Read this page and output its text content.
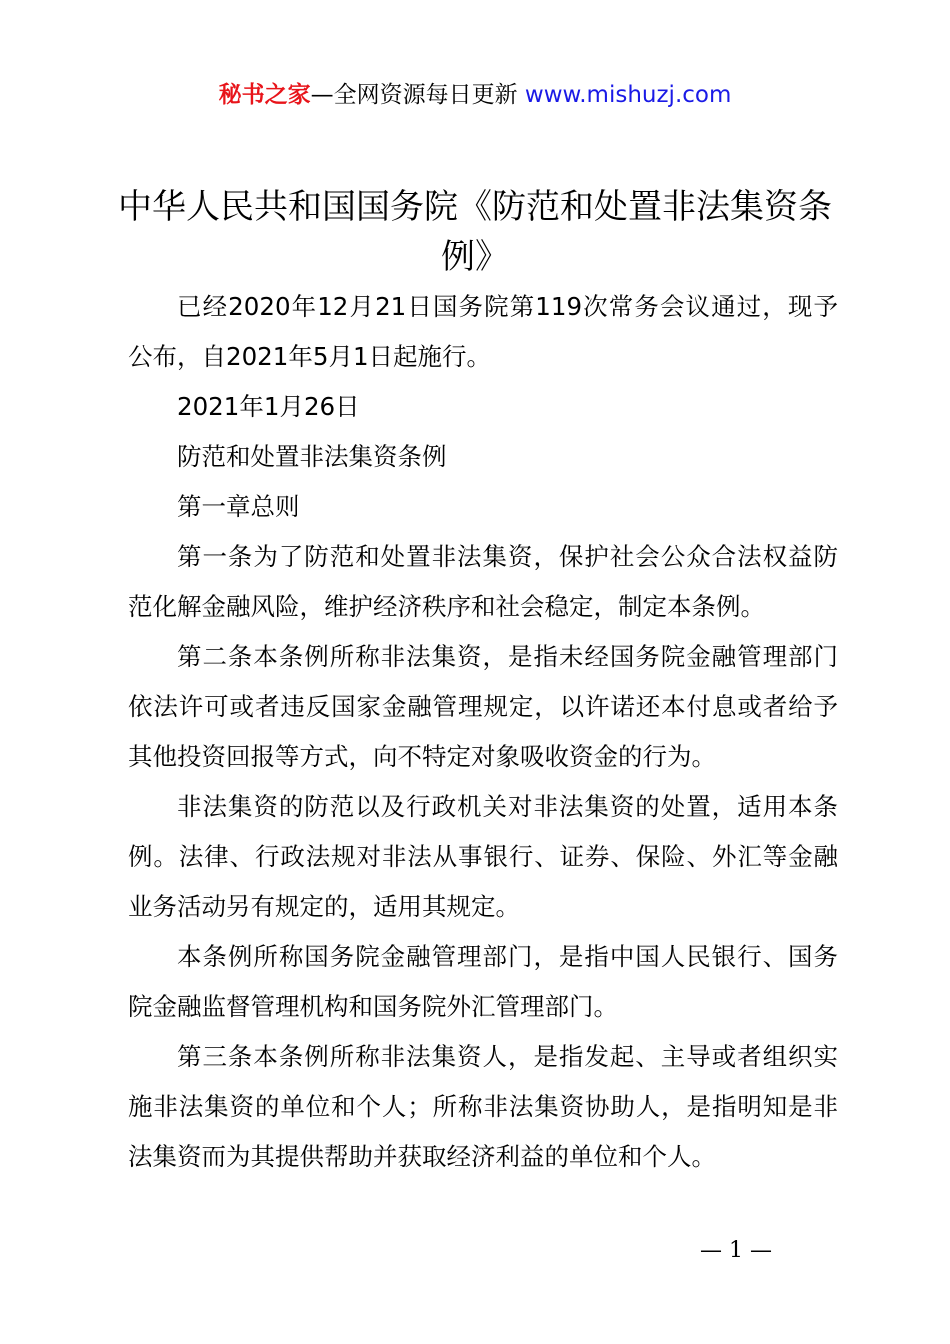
秘书之家—全网资源每日更新 www.mishuzj.com
中华人民共和国国务院《防范和处置非法集资条例》

已经2020年12月21日国务院第119次常务会议通过，现予公布，自2021年5月1日起施行。

2021年1月26日

防范和处置非法集资条例

第一章总则

第一条为了防范和处置非法集资，保护社会公众合法权益防范化解金融风险，维护经济秩序和社会稳定，制定本条例。

第二条本条例所称非法集资，是指未经国务院金融管理部门依法许可或者违反国家金融管理规定，以许诺还本付息或者给予其他投资回报等方式，向不特定对象吸收资金的行为。

非法集资的防范以及行政机关对非法集资的处置，适用本条例。法律、行政法规对非法从事银行、证券、保险、外汇等金融业务活动另有规定的，适用其规定。

本条例所称国务院金融管理部门，是指中国人民银行、国务院金融监督管理机构和国务院外汇管理部门。

第三条本条例所称非法集资人，是指发起、主导或者组织实施非法集资的单位和个人；所称非法集资协助人，是指明知是非法集资而为其提供帮助并获取经济利益的单位和个人。

— 1 —
